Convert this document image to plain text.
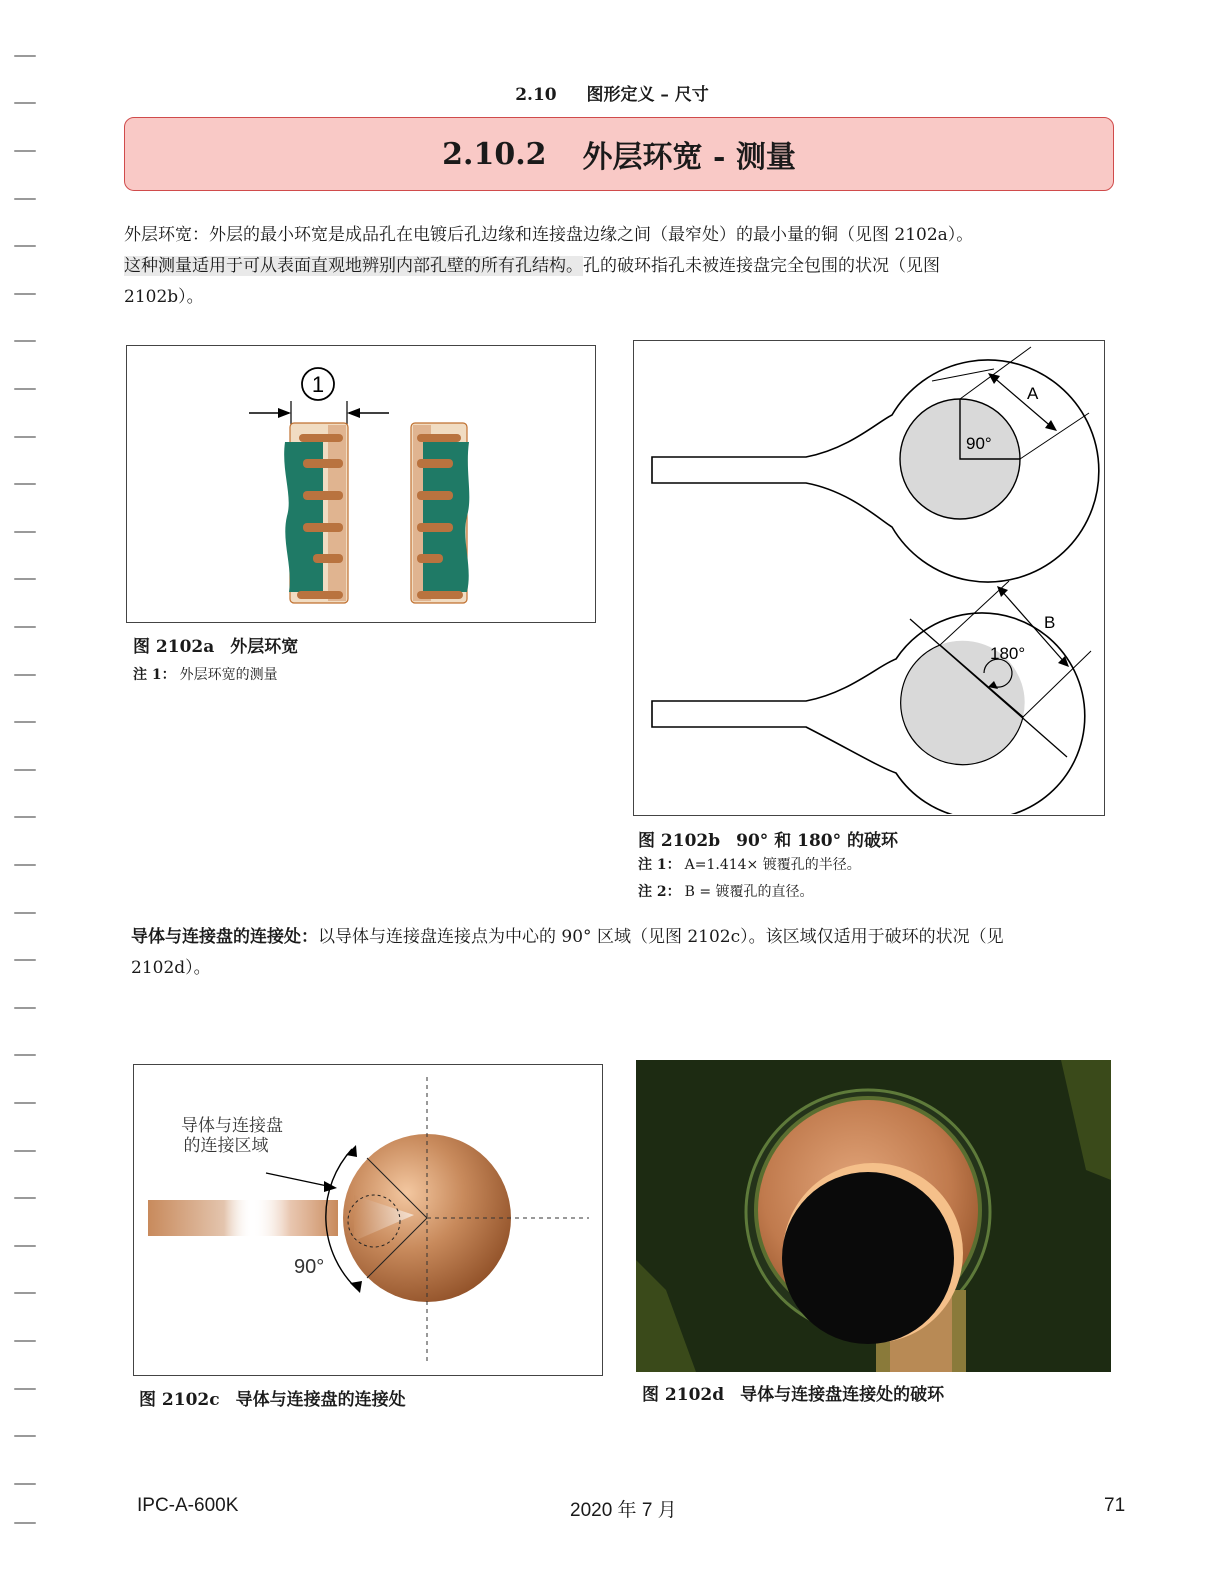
2.10 图形定义 – 尺寸
2.10.2 外层环宽 - 测量

外层环宽：外层的最小环宽是成品孔在电镀后孔边缘和连接盘边缘之间（最窄处）的最小量的铜（见图 2102a）。

这种测量适用于可从表面直观地辨别内部孔壁的所有孔结构。孔的破环指孔未被连接盘完全包围的状况（见图

2102b）。

1
图 2102a 外层环宽
注 1： 外层环宽的测量
A
90°
B
180°
图 2102b 90° 和 180° 的破环
注 1： A=1.414× 镀覆孔的半径。
注 2： B = 镀覆孔的直径。

导体与连接盘的连接处：以导体与连接盘连接点为中心的 90° 区域（见图 2102c）。该区域仅适用于破环的状况（见

2102d）。

导体与连接盘
的连接区域
90°
图 2102c 导体与连接盘的连接处	图 2102d 导体与连接盘连接处的破环
IPC-A-600K	2020 年 7 月	71
